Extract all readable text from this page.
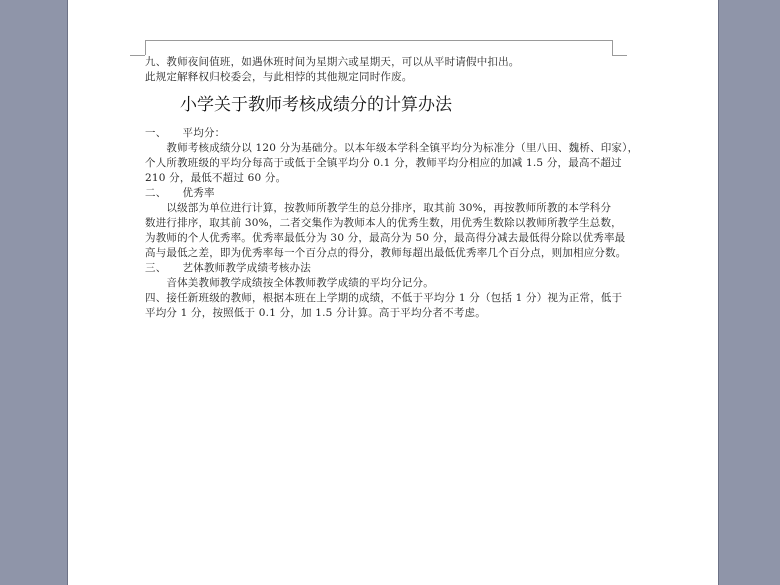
九、教师夜间值班，如遇休班时间为星期六或星期天，可以从平时请假中扣出。
此规定解释权归校委会，与此相悖的其他规定同时作废。
小学关于教师考核成绩分的计算办法
一、　　平均分：
　　教师考核成绩分以 120 分为基础分。以本年级本学科全镇平均分为标准分（里八田、魏桥、印家），
个人所教班级的平均分每高于或低于全镇平均分 0.1 分，教师平均分相应的加减 1.5 分，最高不超过
210 分，最低不超过 60 分。
二、　　优秀率
　　以级部为单位进行计算，按教师所教学生的总分排序，取其前 30%，再按教师所教的本学科分
数进行排序，取其前 30%，二者交集作为教师本人的优秀生数，用优秀生数除以教师所教学生总数，
为教师的个人优秀率。优秀率最低分为 30 分，最高分为 50 分，最高得分减去最低得分除以优秀率最
高与最低之差，即为优秀率每一个百分点的得分，教师每超出最低优秀率几个百分点，则加相应分数。
三、　　艺体教师教学成绩考核办法
　　音体美教师教学成绩按全体教师教学成绩的平均分记分。
四、接任新班级的教师，根据本班在上学期的成绩，不低于平均分 1 分（包括 1 分）视为正常，低于
平均分 1 分，按照低于 0.1 分，加 1.5 分计算。高于平均分者不考虑。
